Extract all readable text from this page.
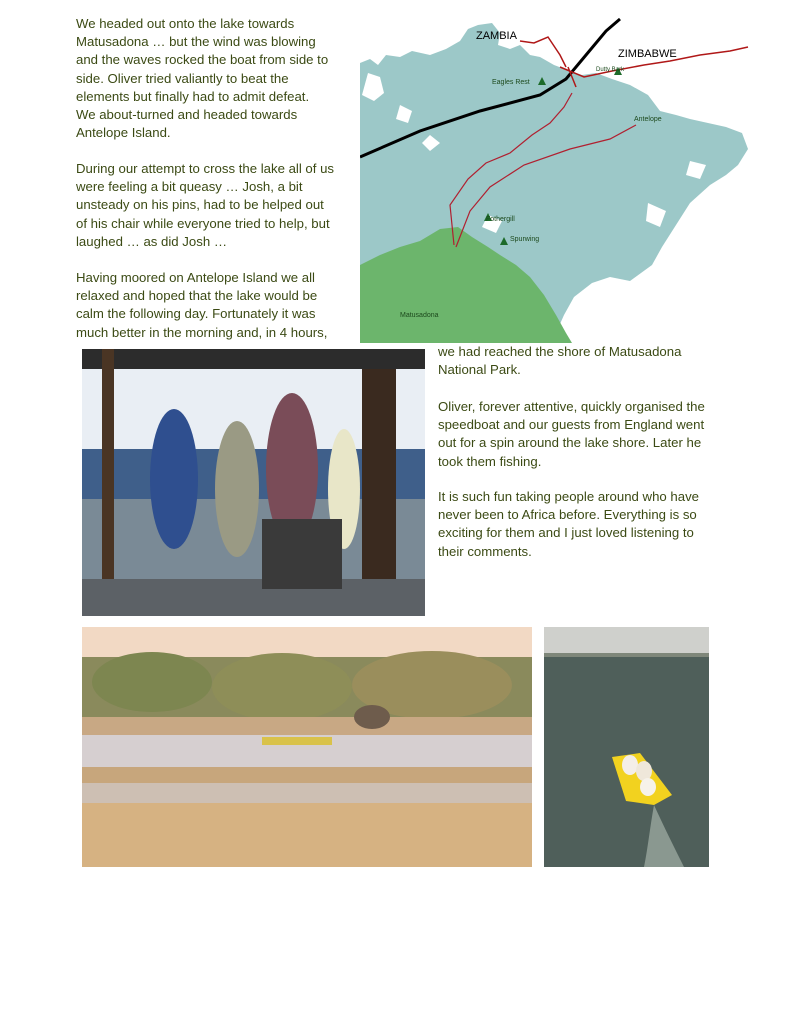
We headed out onto the lake towards
Matusadona … but the wind was blowing
and the waves rocked the boat from side to
side. Oliver tried valiantly to beat the
elements but finally had to admit defeat.
We about-turned and headed towards
Antelope Island.

During our attempt to cross the lake all of us
were feeling a bit queasy … Josh, a bit
unsteady on his pins, had to be helped out
of his chair while everyone tried to help, but
laughed … as did Josh …

Having moored on Antelope Island we all
relaxed and hoped that the lake would be
calm the following day. Fortunately it was
much better in the morning and, in 4 hours,

we had reached the shore of Matusadona
National Park.

Oliver, forever attentive, quickly organised the
speedboat and our guests from England went
out for a spin around the lake shore. Later he
took them fishing.

It is such fun taking people around who have
never been to Africa before. Everything is so
exciting for them and I just loved listening to
their comments.

ZAMBIA
ZIMBABWE
Eagles Rest
Dutty Bark
Antelope
Fothergill
Spurwing
Matusadona
